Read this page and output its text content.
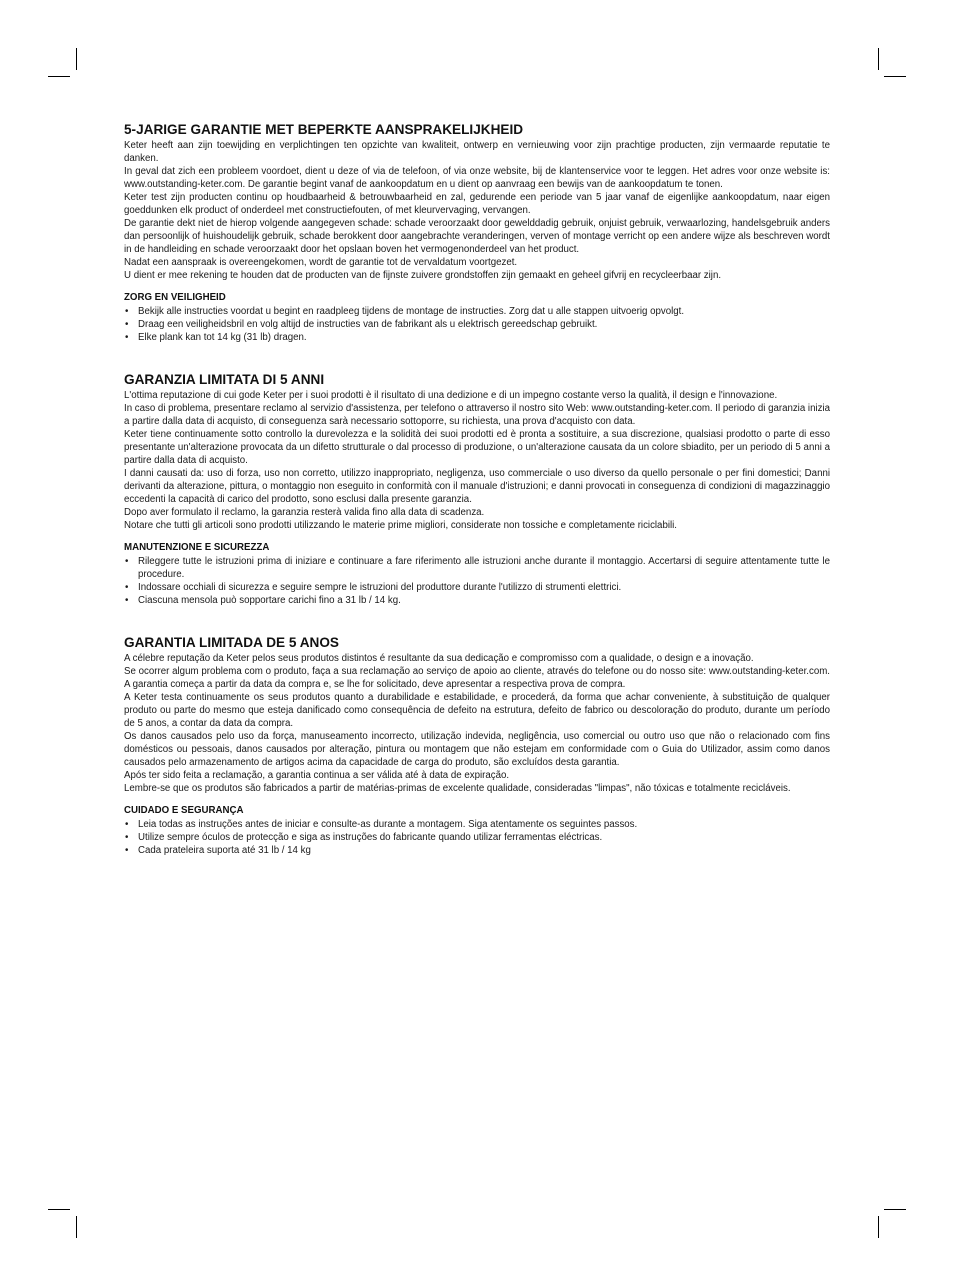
5-JARIGE GARANTIE MET BEPERKTE AANSPRAKELIJKHEID

Keter heeft aan zijn toewijding en verplichtingen ten opzichte van kwaliteit, ontwerp en vernieuwing voor zijn prachtige producten, zijn vermaarde reputatie te danken.

In geval dat zich een probleem voordoet, dient u deze of via de telefoon, of via onze website, bij de klantenservice voor te leggen. Het adres voor onze website is: www.outstanding-keter.com. De garantie begint vanaf de aankoopdatum en u dient op aanvraag een bewijs van de aankoopdatum te tonen.

Keter test zijn producten continu op houdbaarheid & betrouwbaarheid en zal, gedurende een periode van 5 jaar vanaf de eigenlijke aankoopdatum, naar eigen goeddunken elk product of onderdeel met constructiefouten, of met kleurvervaging, vervangen.

De garantie dekt niet de hierop volgende aangegeven schade: schade veroorzaakt door gewelddadig gebruik, onjuist gebruik, verwaarlozing, handelsgebruik anders dan persoonlijk of huishoudelijk gebruik, schade berokkent door aangebrachte veranderingen, verven of montage verricht op een andere wijze als beschreven wordt in de handleiding en schade veroorzaakt door het opslaan boven het vermogenonderdeel van het product.

Nadat een aanspraak is overeengekomen, wordt de garantie tot de vervaldatum voortgezet.

U dient er mee rekening te houden dat de producten van de fijnste zuivere grondstoffen zijn gemaakt en geheel gifvrij en recycleerbaar zijn.

ZORG EN VEILIGHEID
• Bekijk alle instructies voordat u begint en raadpleeg tijdens de montage de instructies. Zorg dat u alle stappen uitvoerig opvolgt.
• Draag een veiligheidsbril en volg altijd de instructies van de fabrikant als u elektrisch gereedschap gebruikt.
• Elke plank kan tot 14 kg (31 lb) dragen.
GARANZIA LIMITATA DI 5 ANNI

L'ottima reputazione di cui gode Keter per i suoi prodotti è il risultato di una dedizione e di un impegno costante verso la qualità, il design e l'innovazione.

In caso di problema, presentare reclamo al servizio d'assistenza, per telefono o attraverso il nostro sito Web: www.outstanding-keter.com. Il periodo di garanzia inizia a partire dalla data di acquisto, di conseguenza sarà necessario sottoporre, su richiesta, una prova d'acquisto con data.

Keter tiene continuamente sotto controllo la durevolezza e la solidità dei suoi prodotti ed è pronta a sostituire, a sua discrezione, qualsiasi prodotto o parte di esso presentante un'alterazione provocata da un difetto strutturale o dal processo di produzione, o un'alterazione causata da un colore sbiadito, per un periodo di 5 anni a partire dalla data di acquisto.

I danni causati da: uso di forza, uso non corretto, utilizzo inappropriato, negligenza, uso commerciale o uso diverso da quello personale o per fini domestici; Danni derivanti da alterazione, pittura, o montaggio non eseguito in conformità con il manuale d'istruzioni; e danni provocati in conseguenza di condizioni di magazzinaggio eccedenti la capacità di carico del prodotto, sono esclusi dalla presente garanzia.

Dopo aver formulato il reclamo, la garanzia resterà valida fino alla data di scadenza.

Notare che tutti gli articoli sono prodotti utilizzando le materie prime migliori, considerate non tossiche e completamente riciclabili.

MANUTENZIONE E SICUREZZA
• Rileggere tutte le istruzioni prima di iniziare e continuare a fare riferimento alle istruzioni anche durante il montaggio. Accertarsi di seguire attentamente tutte le procedure.
• Indossare occhiali di sicurezza e seguire sempre le istruzioni del produttore durante l'utilizzo di strumenti elettrici.
• Ciascuna mensola può sopportare carichi fino a 31 lb / 14 kg.
GARANTIA LIMITADA DE 5 ANOS

A célebre reputação da Keter pelos seus produtos distintos é resultante da sua dedicação e compromisso com a qualidade, o design e a inovação.

Se ocorrer algum problema com o produto, faça a sua reclamação ao serviço de apoio ao cliente, através do telefone ou do nosso site: www.outstanding-keter.com. A garantia começa a partir da data da compra e, se lhe for solicitado, deve apresentar a respectiva prova de compra.

A Keter testa continuamente os seus produtos quanto a durabilidade e estabilidade, e procederá, da forma que achar conveniente, à substituição de qualquer produto ou parte do mesmo que esteja danificado como consequência de defeito na estrutura, defeito de fabrico ou descoloração do produto, durante um período de 5 anos, a contar da data da compra.

Os danos causados pelo uso da força, manuseamento incorrecto, utilização indevida, negligência, uso comercial ou outro uso que não o relacionado com fins domésticos ou pessoais, danos causados por alteração, pintura ou montagem que não estejam em conformidade com o Guia do Utilizador, assim como danos causados pelo armazenamento de artigos acima da capacidade de carga do produto, são excluídos desta garantia.

Após ter sido feita a reclamação, a garantia continua a ser válida até à data de expiração.

Lembre-se que os produtos são fabricados a partir de matérias-primas de excelente qualidade, consideradas "limpas", não tóxicas e totalmente recicláveis.

CUIDADO E SEGURANÇA
• Leia todas as instruções antes de iniciar e consulte-as durante a montagem. Siga atentamente os seguintes passos.
• Utilize sempre óculos de protecção e siga as instruções do fabricante quando utilizar ferramentas eléctricas.
• Cada prateleira suporta até 31 lb / 14 kg
